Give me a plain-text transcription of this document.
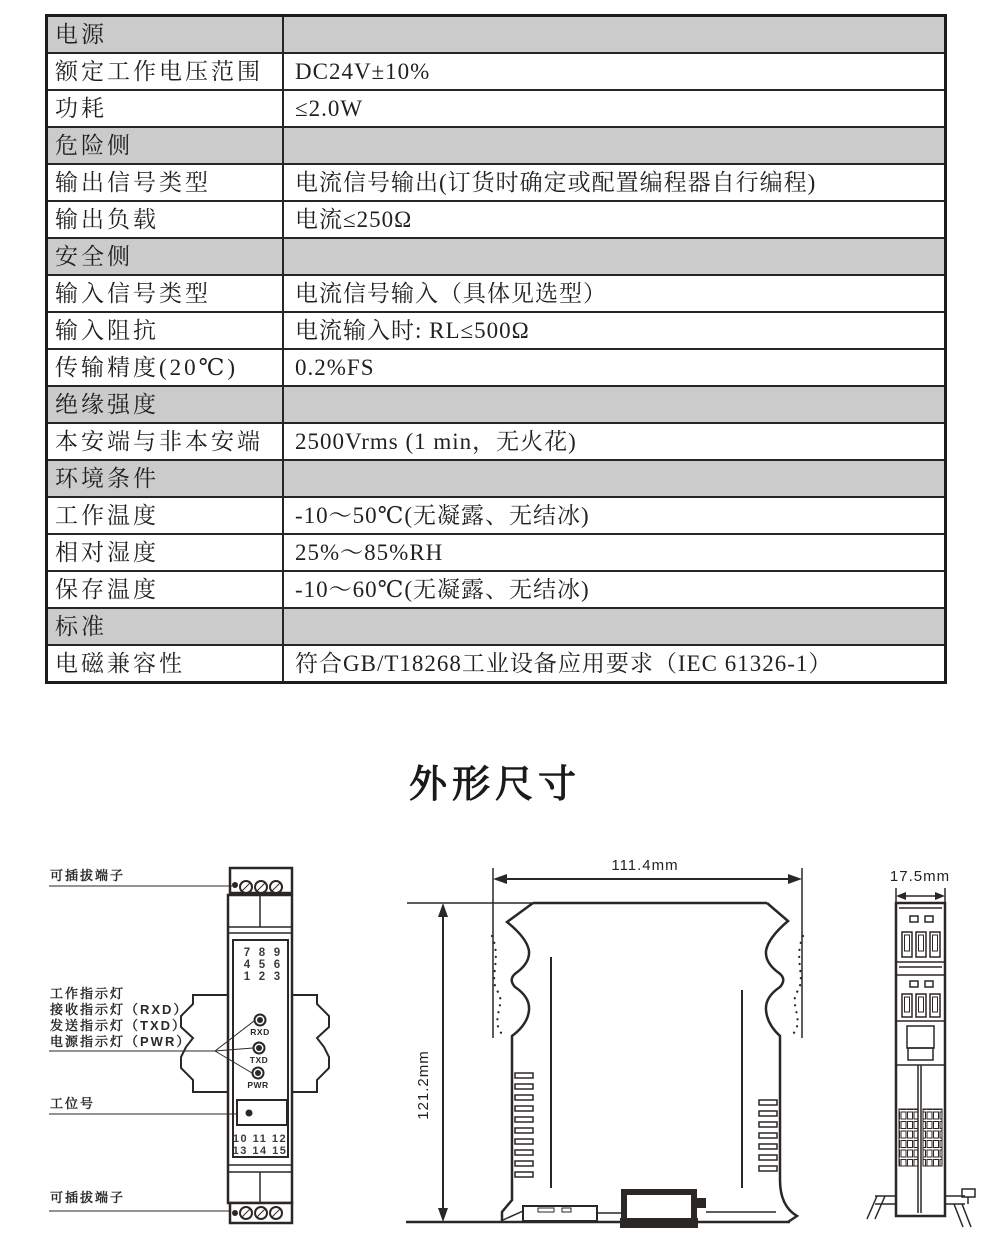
电源	
额定工作电压范围	DC24V±10%
功耗	≤2.0W
危险侧	
输出信号类型	电流信号输出(订货时确定或配置编程器自行编程)
输出负载	电流≤250Ω
安全侧	
输入信号类型	电流信号输入（具体见选型）
输入阻抗	电流输入时: RL≤500Ω
传输精度(20℃)	0.2%FS
绝缘强度	
本安端与非本安端	2500Vrms (1 min，无火花)
环境条件	
工作温度	-10～50℃(无凝露、无结冰)
相对湿度	25%～85%RH
保存温度	-10～60℃(无凝露、无结冰)
标准	
电磁兼容性	符合GB/T18268工业设备应用要求（IEC 61326-1）
外形尺寸
7 8 9
4 5 6
1 2 3
RXD
TXD
PWR
10 11 12
13 14 15
可插拔端子
工作指示灯
接收指示灯（RXD）
发送指示灯（TXD）
电源指示灯（PWR）
工位号
可插拔端子
111.4mm
121.2mm
17.5mm
